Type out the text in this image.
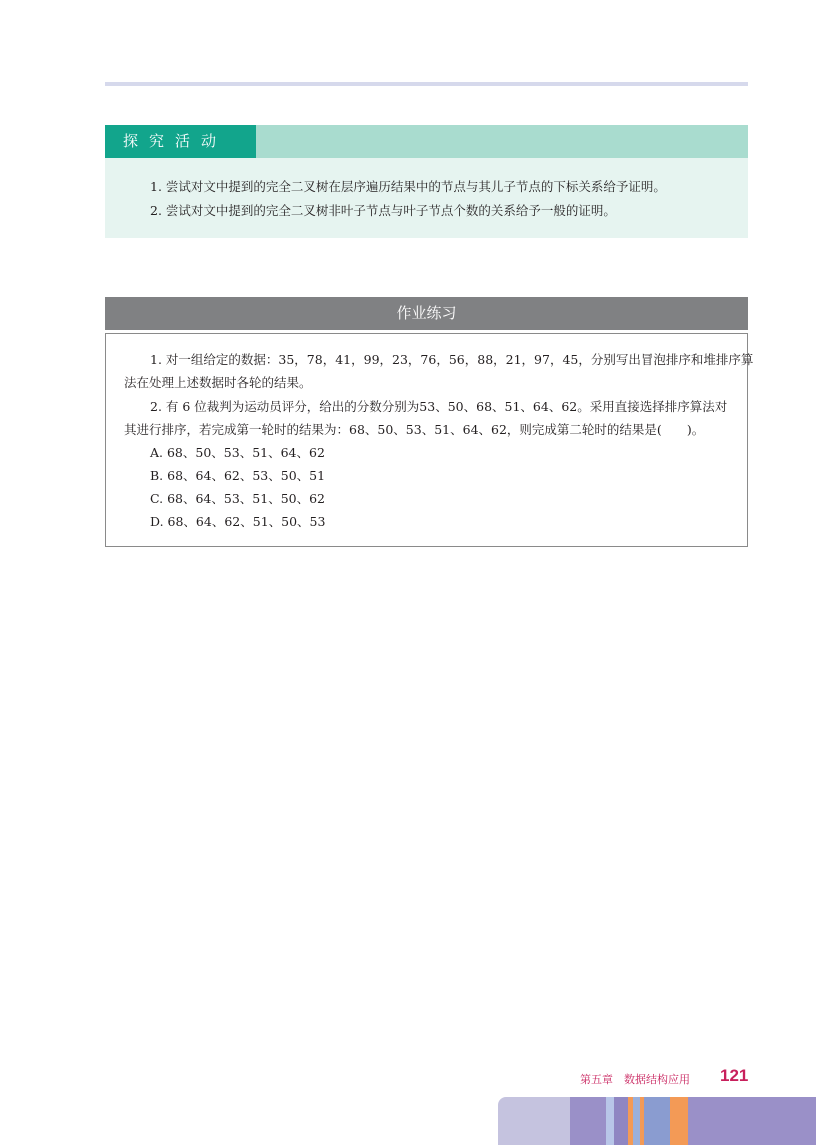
探究活动
1. 尝试对文中提到的完全二叉树在层序遍历结果中的节点与其儿子节点的下标关系给予证明。
2. 尝试对文中提到的完全二叉树非叶子节点与叶子节点个数的关系给予一般的证明。
作业练习
1. 对一组给定的数据：35，78，41，99，23，76，56，88，21，97，45，分别写出冒泡排序和堆排序算
法在处理上述数据时各轮的结果。
2. 有 6 位裁判为运动员评分，给出的分数分别为53、50、68、51、64、62。采用直接选择排序算法对
其进行排序，若完成第一轮时的结果为：68、50、53、51、64、62，则完成第二轮时的结果是(　　)。
A. 68、50、53、51、64、62
B. 68、64、62、53、50、51
C. 68、64、53、51、50、62
D. 68、64、62、51、50、53
第五章　数据结构应用 121
